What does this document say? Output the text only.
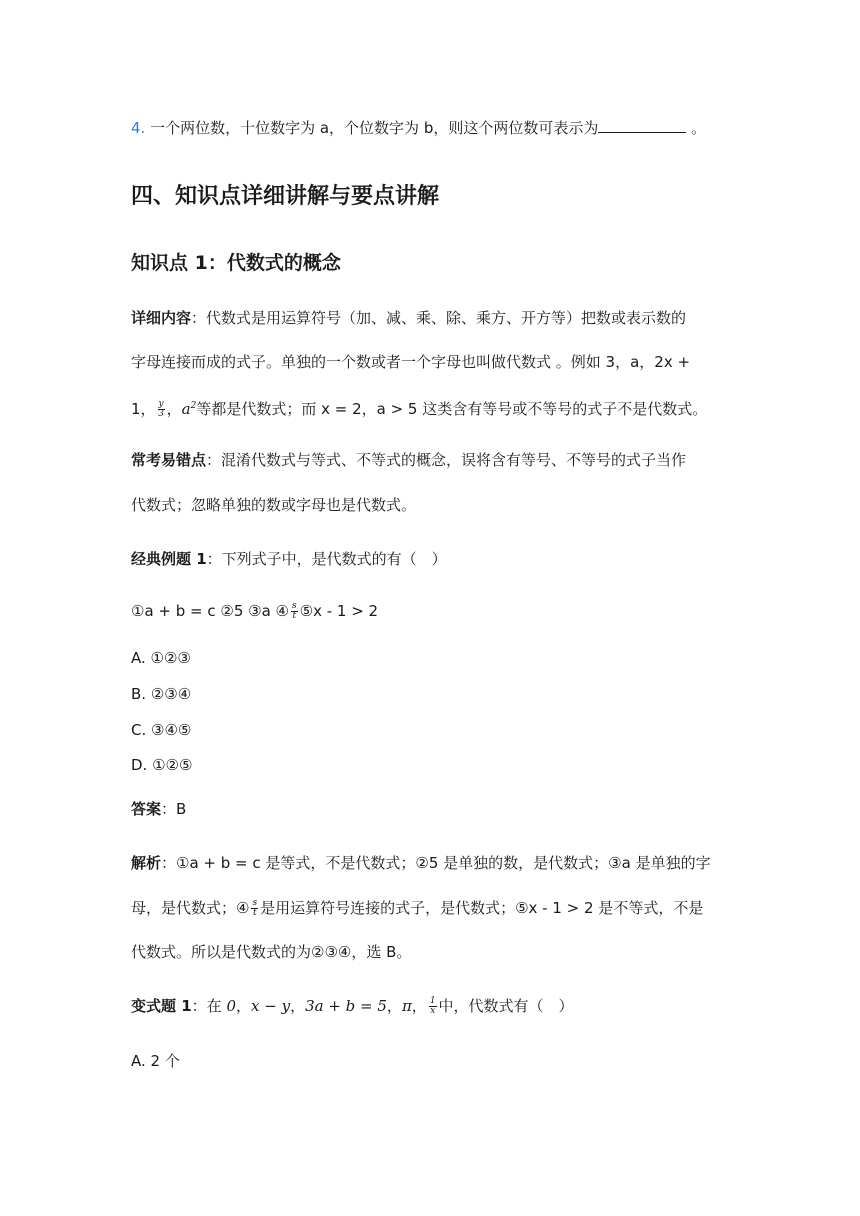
4. 一个两位数，十位数字为 a，个位数字为 b，则这个两位数可表示为	。
四、知识点详细讲解与要点讲解
知识点 1：代数式的概念
详细内容：代数式是用运算符号（加、减、乘、除、乘方、开方等）把数或表示数的
字母连接而成的式子。单独的一个数或者一个字母也叫做代数式 。例如 3，a，2x +
1， $\frac{y}{3}$ ，$a^2$等都是代数式；而 x = 2，a > 5 这类含有等号或不等号的式子不是代数式。
常考易错点：混淆代数式与等式、不等式的概念，误将含有等号、不等号的式子当作
代数式；忽略单独的数或字母也是代数式。
经典例题 1：下列式子中，是代数式的有（　）
①a + b = c ②5 ③a ④ $\frac{s}{t}$ ⑤x - 1 > 2
A. ①②③
B. ②③④
C. ③④⑤
D. ①②⑤
答案：B
解析：①a + b = c 是等式，不是代数式；②5 是单独的数，是代数式；③a 是单独的字
母，是代数式；④ $\frac{s}{t}$ 是用运算符号连接的式子，是代数式；⑤x - 1 > 2 是不等式，不是
代数式。所以是代数式的为②③④，选 B。
变式题 1：在 0，x − y，3a + b = 5，π， $\frac{1}{x}$ 中，代数式有（　）
A. 2 个
